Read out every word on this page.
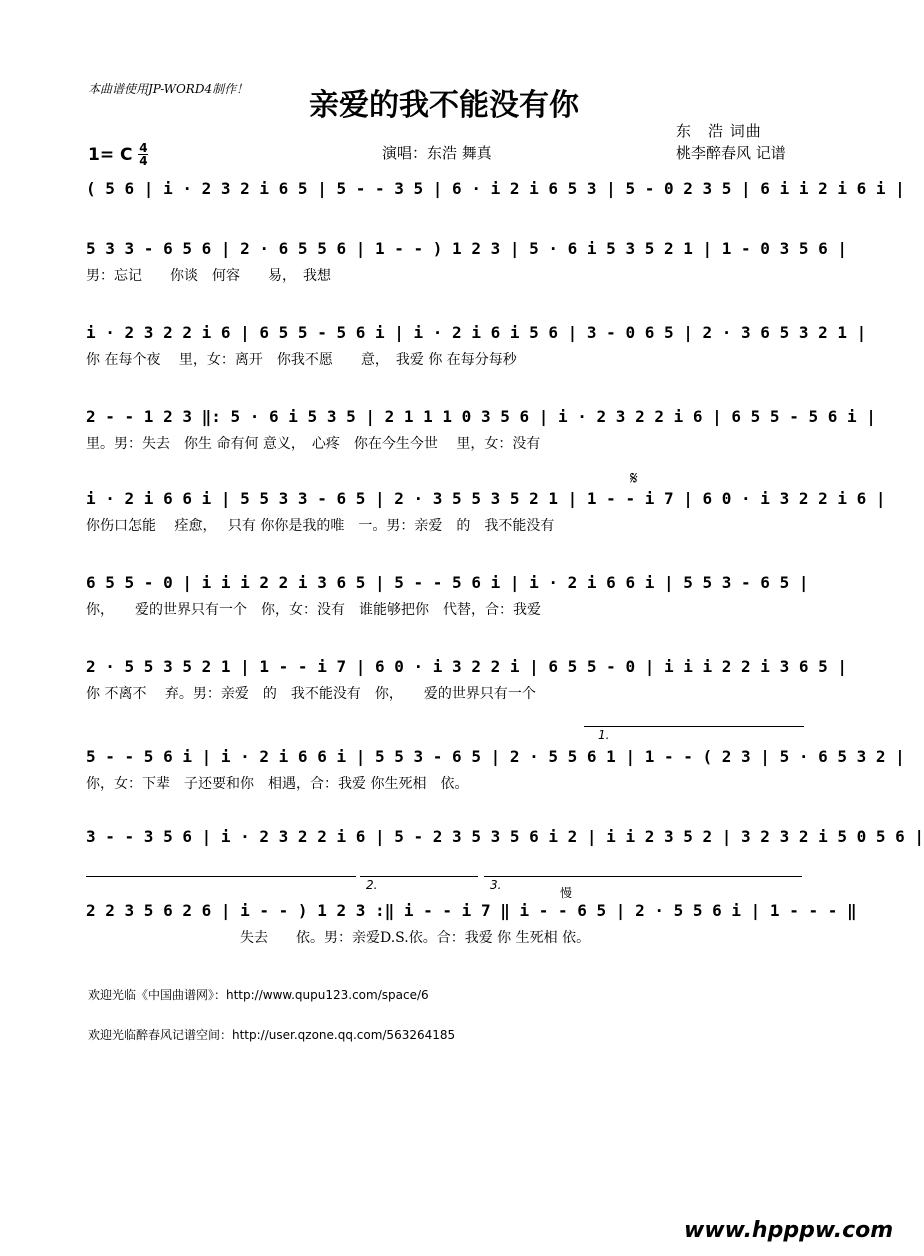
本曲谱使用JP-WORD4制作！	亲爱的我不能没有你
东　浩 词曲
桃李醉春风 记谱
演唱：东浩 舞真
1= C $\frac{4}{4}$
( 5 6 | i · 2 3 2 i 6 5 | 5 - - 3 5 | 6 · i 2 i 6 5 3 | 5 - 0 2 3 5 | 6 i i 2 i 6 i |
5 3 3 - 6 5 6 | 2 · 6 5 5 6 | 1 - - ) 1 2 3 | 5 · 6 i 5 3 5 2 1 | 1 - 0 3 5 6 |
男：忘记　　你谈　何容　　易，　我想
i · 2 3 2 2 i 6 | 6 5 5 - 5 6 i | i · 2 i 6 i 5 6 | 3 - 0 6 5 | 2 · 3 6 5 3 2 1 |
你 在每个夜　 里，女：离开　你我不愿　　意，　我爱 你 在每分每秒
2 - - 1 2 3 ‖: 5 · 6 i 5 3 5 | 2 1 1 1 0 3 5 6 | i · 2 3 2 2 i 6 | 6 5 5 - 5 6 i |
里。男：失去　你生 命有何 意义，　心疼　你在今生今世　 里，女：没有
i · 2 i 6 6 i | 5 5 3 3 - 6 5 | 2 · 3 5 5 3 5 2 1 | 1 - - i 7 | 6 0 · i 3 2 2 i 6 |
你伤口怎能　 痊愈，　 只有 你你是我的唯　一。男：亲爱　的　我不能没有
𝄋
6 5 5 - 0 | i i i 2 2 i 3 6 5 | 5 - - 5 6 i | i · 2 i 6 6 i | 5 5 3 - 6 5 |
你，　　爱的世界只有一个　你，女：没有　谁能够把你　代替，合：我爱
2 · 5 5 3 5 2 1 | 1 - - i 7 | 6 0 · i 3 2 2 i | 6 5 5 - 0 | i i i 2 2 i 3 6 5 |
你 不离不　 弃。男：亲爱　的　我不能没有　你，　　爱的世界只有一个
1.
5 - - 5 6 i | i · 2 i 6 6 i | 5 5 3 - 6 5 | 2 · 5 5 6 1 | 1 - - ( 2 3 | 5 · 6 5 3 2 |
你，女：下辈　子还要和你　相遇，合：我爱 你生死相　依。
3 - - 3 5 6 | i · 2 3 2 2 i 6 | 5 - 2 3 5 3 5 6 i 2 | i i 2 3 5 2 | 3 2 3 2 i 5 0 5 6 |
2.	3.
慢
2 2 3 5 6 2 6 | i - - ) 1 2 3 :‖ i - - i 7 ‖ i - - 6 5 | 2 · 5 5 6 i | 1 - - - ‖
　　　　　　　　　　　失去　　依。男：亲爱D.S.依。合：我爱 你 生死相 依。
欢迎光临《中国曲谱网》：http://www.qupu123.com/space/6
欢迎光临醉春风记谱空间：http://user.qzone.qq.com/563264185
www.hpppw.com
